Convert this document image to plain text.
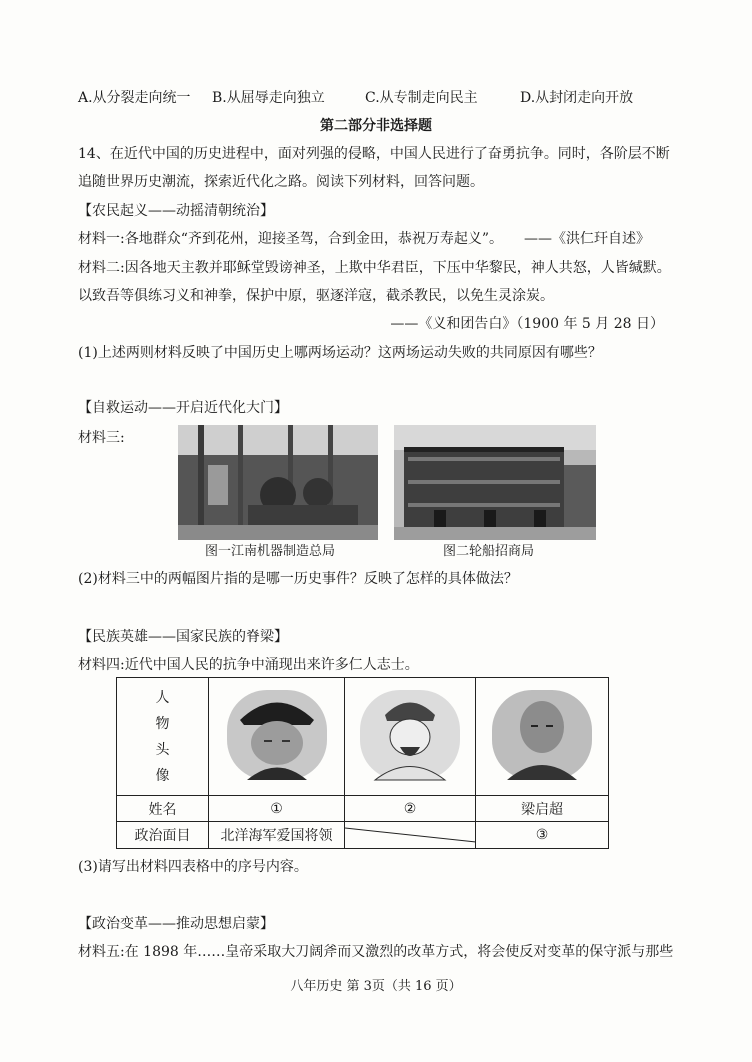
A.从分裂走向统一 B.从屈辱走向独立	C.从专制走向民主	D.从封闭走向开放
第二部分非选择题
14、在近代中国的历史进程中，面对列强的侵略，中国人民进行了奋勇抗争。同时，各阶层不断
追随世界历史潮流，探索近代化之路。阅读下列材料，回答问题。
【农民起义——动摇清朝统治】
材料一:各地群众“齐到花州，迎接圣驾，合到金田，恭祝万寿起义”。　　——《洪仁玕自述》
材料二:因各地天主教并耶稣堂毁谤神圣，上欺中华君臣，下压中华黎民，神人共怒，人皆缄默。
以致吾等俱练习义和神拳，保护中原，驱逐洋寇，截杀教民，以免生灵涂炭。
——《义和团告白》（1900 年 5 月 28 日）
(1)上述两则材料反映了中国历史上哪两场运动？这两场运动失败的共同原因有哪些？
【自救运动——开启近代化大门】
材料三:
图一江南机器制造总局	图二轮船招商局
(2)材料三中的两幅图片指的是哪一历史事件？反映了怎样的具体做法？
【民族英雄——国家民族的脊梁】
材料四:近代中国人民的抗争中涌现出来许多仁人志士。
人
物
头
像

姓名	①	②	梁启超
政治面目	北洋海军爱国将领		③
(3)请写出材料四表格中的序号内容。
【政治变革——推动思想启蒙】
材料五:在 1898 年……皇帝采取大刀阔斧而又激烈的改革方式，将会使反对变革的保守派与那些
八年历史 第 3页（共 16 页）
